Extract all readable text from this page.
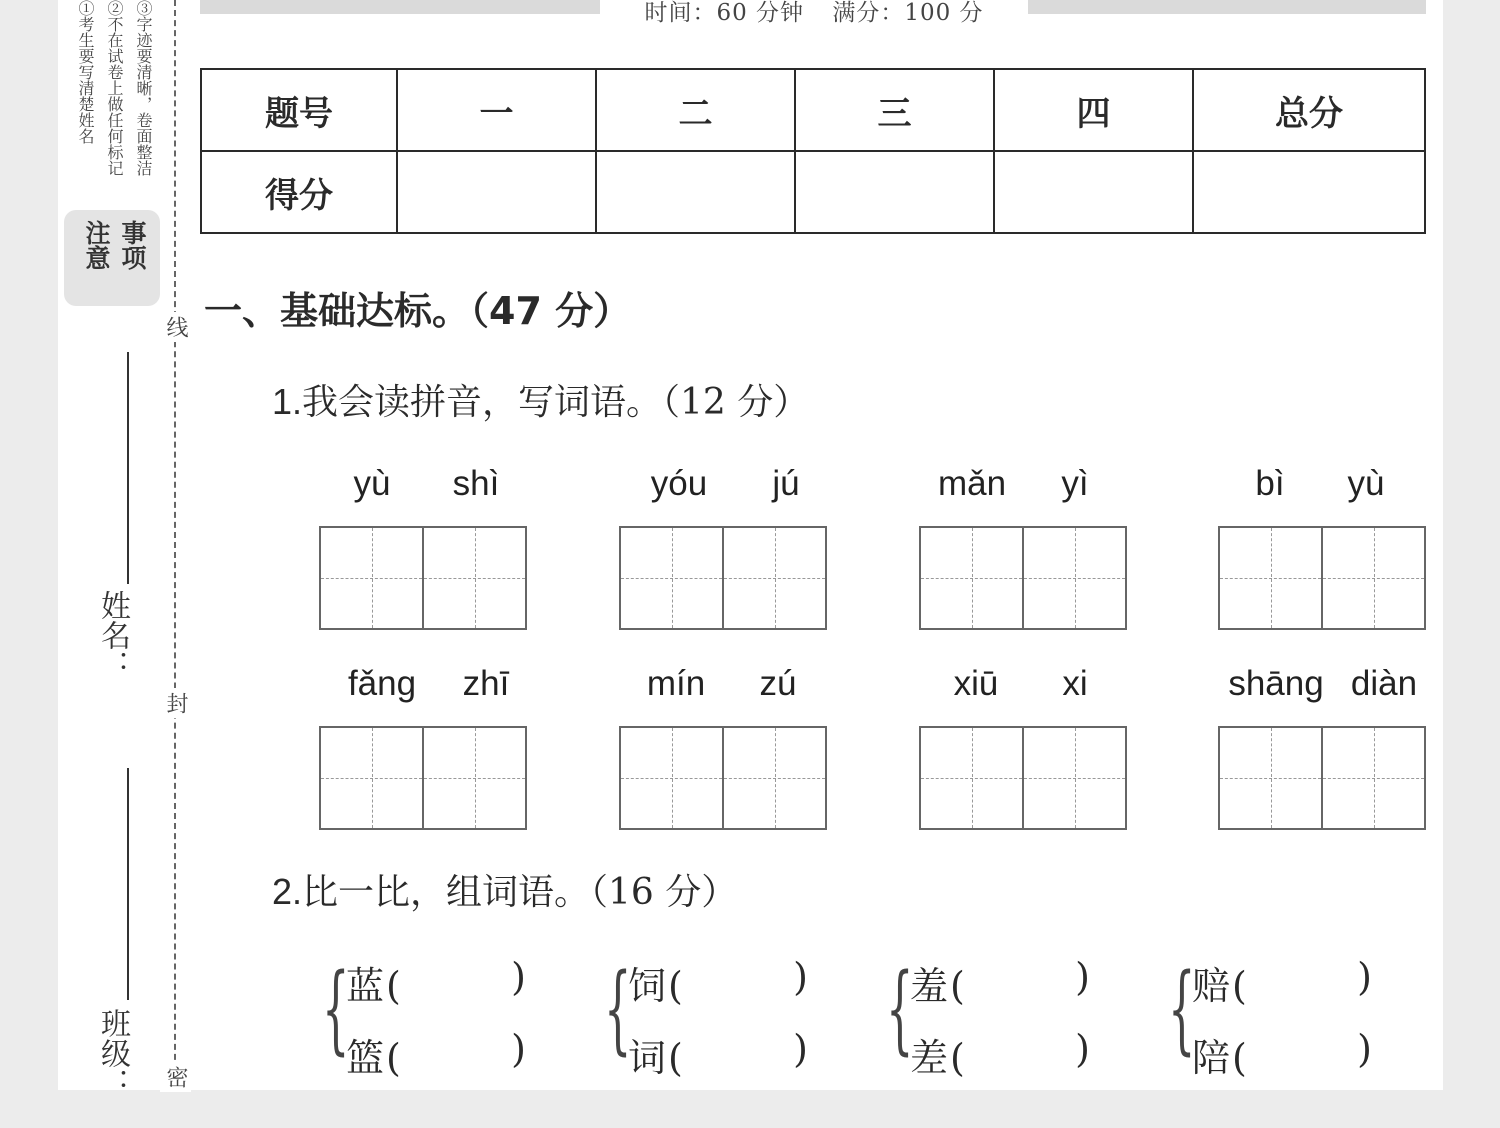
时间：60 分钟 满分：100 分
①考生要写清楚姓名 ②不在试卷上做任何标记 ③字迹要清晰，卷面整洁
注意 事项
姓名：
班级：
线
封
密
题号	一	二	三	四	总分
得分					
一、基础达标。（47 分）
1.我会读拼音，写词语。（12 分）
yù	shì	yóu	jú	mǎn	yì	bì	yù
fǎng	zhī	mín	zú	xiū	xi	shāng diàn
2.比一比，组词语。（16 分）
{
蓝(	)
篮(	) {
饲(	)
词(	) {
羞(	)
差(	) {
赔(	)
陪(	)
